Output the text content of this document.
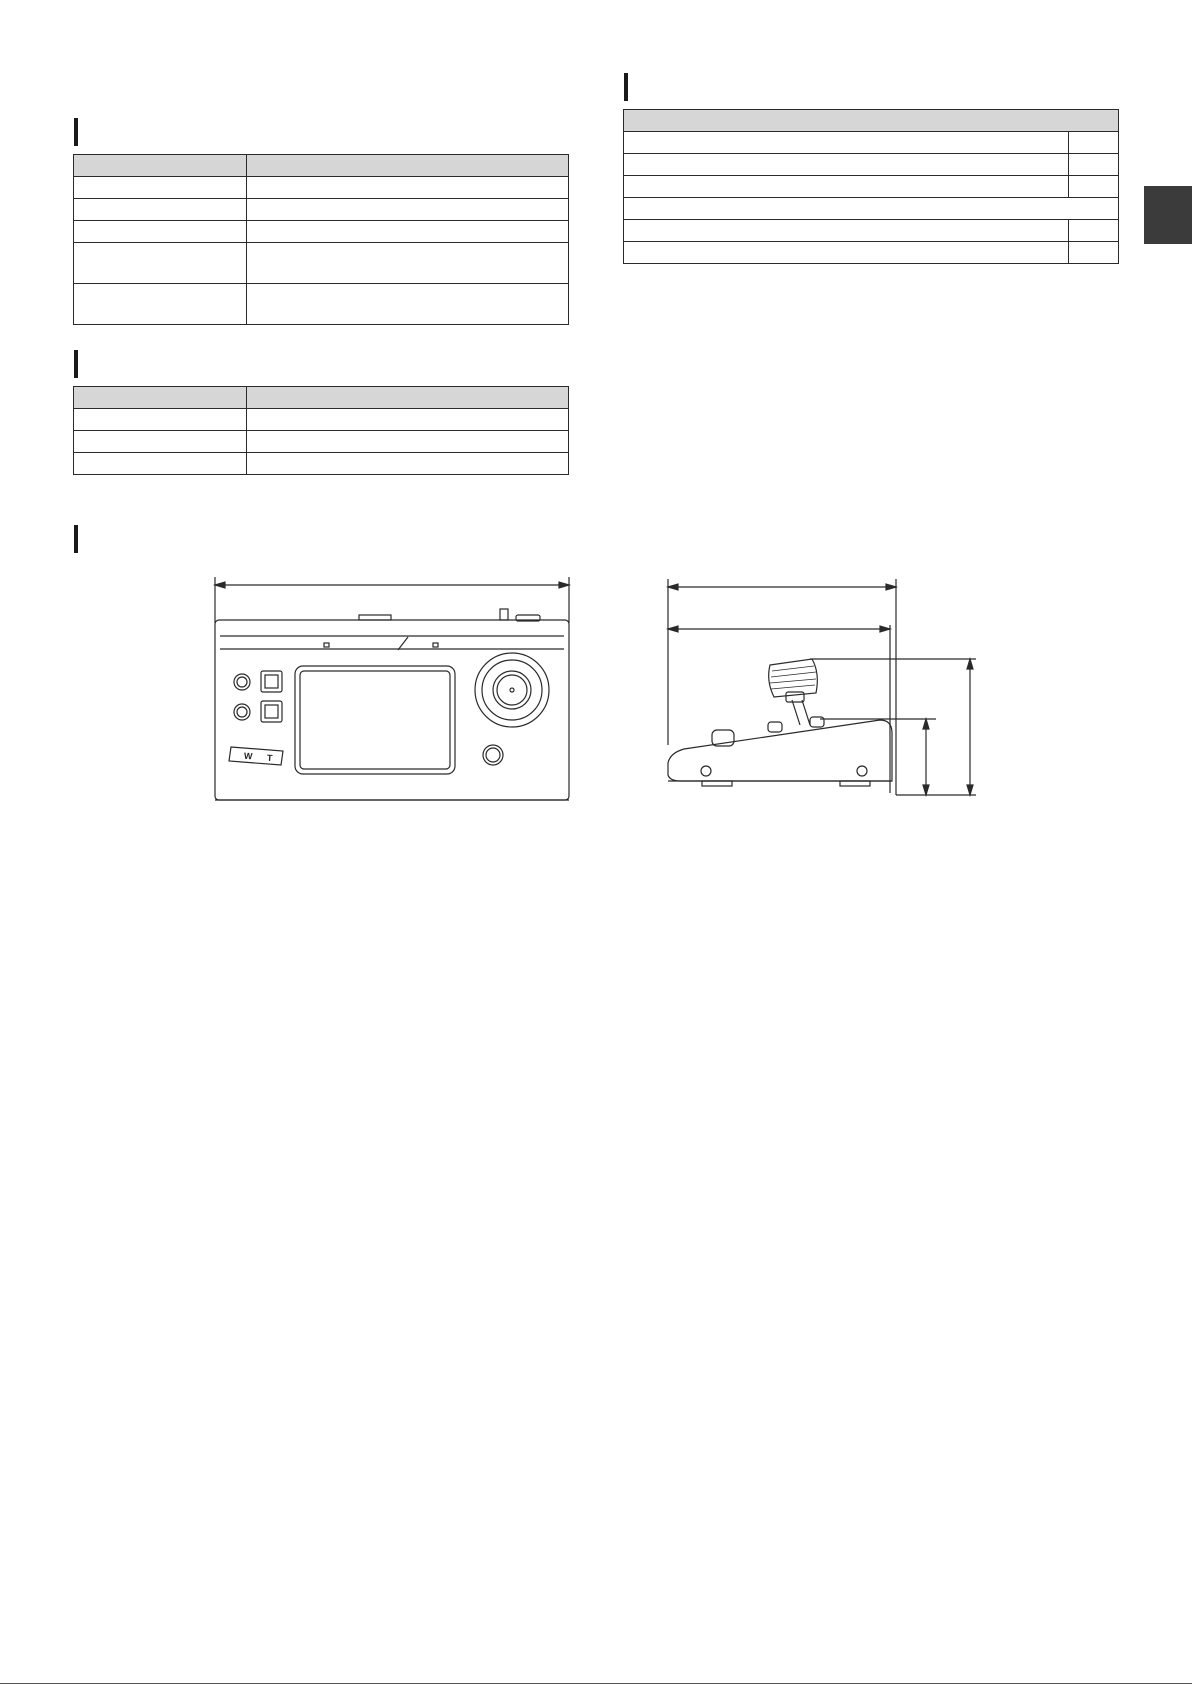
W T
